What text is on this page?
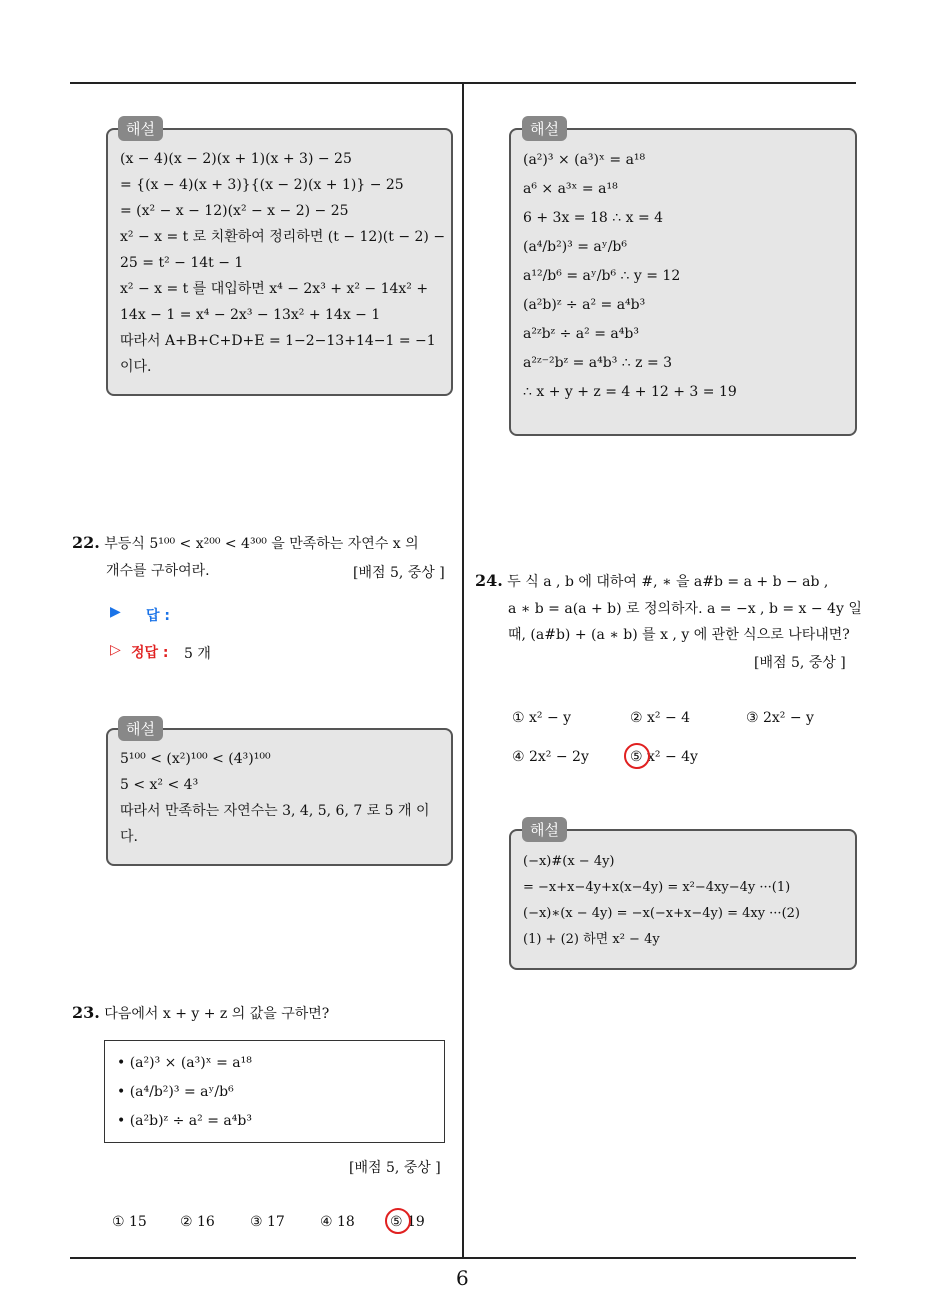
(x − 4)(x − 2)(x + 1)(x + 3) − 25
= {(x − 4)(x + 3)}{(x − 2)(x + 1)} − 25
= (x² − x − 12)(x² − x − 2) − 25
x² − x = t 로 치환하여 정리하면 (t − 12)(t − 2) −
25 = t² − 14t − 1
x² − x = t 를 대입하면 x⁴ − 2x³ + x² − 14x² +
14x − 1 = x⁴ − 2x³ − 13x² + 14x − 1
따라서 A+B+C+D+E = 1−2−13+14−1 = −1
이다.
해설
22. 부등식 5¹⁰⁰ < x²⁰⁰ < 4³⁰⁰ 을 만족하는 자연수 x 의
개수를 구하여라.	[배점 5, 중상 ]
▶ 답 :
▷ 정답 : 5 개
5¹⁰⁰ < (x²)¹⁰⁰ < (4³)¹⁰⁰
5 < x² < 4³
따라서 만족하는 자연수는 3, 4, 5, 6, 7 로 5 개 이
다.
해설
23. 다음에서 x + y + z 의 값을 구하면?
• (a²)³ × (a³)ˣ = a¹⁸
• (a⁴/b²)³ = aʸ/b⁶
• (a²b)ᶻ ÷ a² = a⁴b³
[배점 5, 중상 ]
① 15 ② 16	③ 17	④ 18	⑤ 19
(a²)³ × (a³)ˣ = a¹⁸
a⁶ × a³ˣ = a¹⁸
6 + 3x = 18 ∴ x = 4
(a⁴/b²)³ = aʸ/b⁶
a¹²/b⁶ = aʸ/b⁶ ∴ y = 12
(a²b)ᶻ ÷ a² = a⁴b³
a²ᶻbᶻ ÷ a² = a⁴b³
a²ᶻ⁻²bᶻ = a⁴b³ ∴ z = 3
∴ x + y + z = 4 + 12 + 3 = 19
해설
24. 두 식 a , b 에 대하여 #, ∗ 을 a#b = a + b − ab ,
a ∗ b = a(a + b) 로 정의하자. a = −x , b = x − 4y 일
때, (a#b) + (a ∗ b) 를 x , y 에 관한 식으로 나타내면?
[배점 5, 중상 ]
① x² − y	② x² − 4	③ 2x² − y
④ 2x² − 2y	⑤ x² − 4y
(−x)#(x − 4y)
= −x+x−4y+x(x−4y) = x²−4xy−4y ···(1)
(−x)∗(x − 4y) = −x(−x+x−4y) = 4xy ···(2)
(1) + (2) 하면 x² − 4y
해설
6
